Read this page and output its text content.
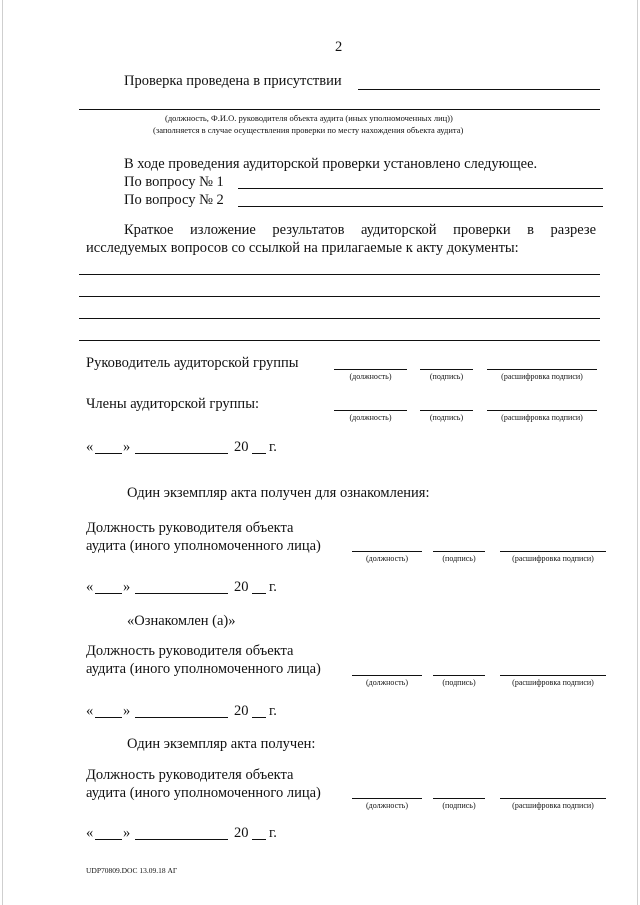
2
Проверка проведена в присутствии
(должность, Ф.И.О. руководителя объекта аудита (иных уполномоченных лиц))
(заполняется в случае осуществления проверки по месту нахождения объекта аудита)
В ходе проведения аудиторской проверки установлено следующее.
По вопросу № 1
По вопросу № 2
Краткое изложение результатов аудиторской проверки в разрезе
исследуемых вопросов со ссылкой на прилагаемые к акту документы:
Руководитель аудиторской группы
(должность)	(подпись)	(расшифровка подписи)
Члены аудиторской группы:
(должность)	(подпись)	(расшифровка подписи)
« »	20 г.
Один экземпляр акта получен для ознакомления:
Должность руководителя объекта
аудита (иного уполномоченного лица)
(должность)	(подпись)	(расшифровка подписи)
« »	20 г.
«Ознакомлен (а)»
Должность руководителя объекта
аудита (иного уполномоченного лица)
(должность)	(подпись)	(расшифровка подписи)
« »	20 г.
Один экземпляр акта получен:
Должность руководителя объекта
аудита (иного уполномоченного лица)
(должность)	(подпись)	(расшифровка подписи)
« »	20 г.
UDP70809.DOC 13.09.18 АГ
